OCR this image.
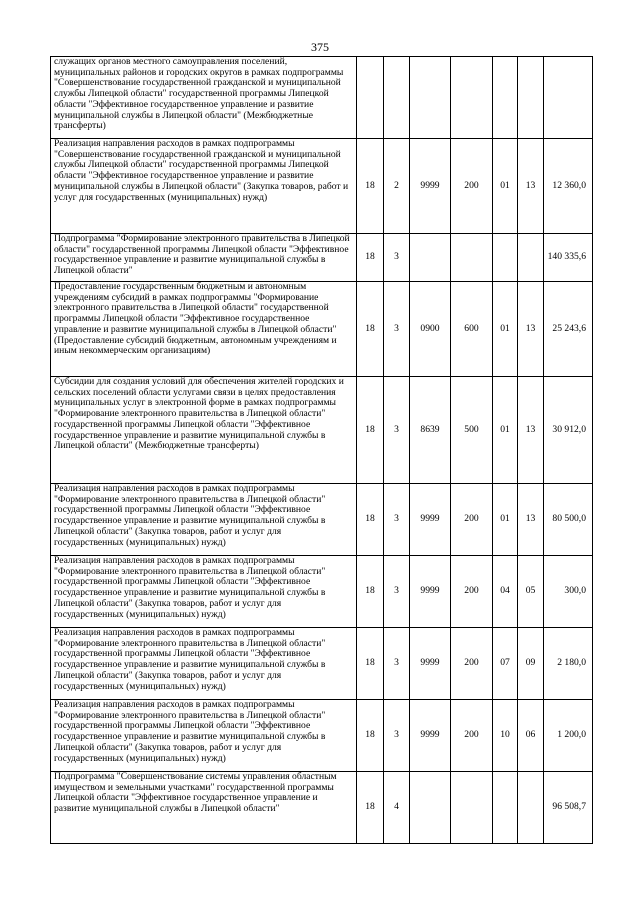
375
служащих органов местного самоуправления поселений, муниципальных районов и городских округов в рамках подпрограммы "Совершенствование государственной гражданской и муниципальной службы Липецкой области" государственной программы Липецкой области "Эффективное государственное управление и развитие муниципальной службы в Липецкой области" (Межбюджетные трансферты)							
Реализация направления расходов в рамках подпрограммы "Совершенствование государственной гражданской и муниципальной службы Липецкой области" государственной программы Липецкой области "Эффективное государственное управление и развитие муниципальной службы в Липецкой области" (Закупка товаров, работ и услуг для государственных (муниципальных) нужд)	18	2	9999	200	01	13	12 360,0
Подпрограмма "Формирование электронного правительства в Липецкой области" государственной программы Липецкой области "Эффективное государственное управление и развитие муниципальной службы в Липецкой области"	18	3					140 335,6
Предоставление государственным бюджетным и автономным учреждениям субсидий в рамках подпрограммы "Формирование электронного правительства в Липецкой области" государственной программы Липецкой области "Эффективное государственное управление и развитие муниципальной службы в Липецкой области" (Предоставление субсидий бюджетным, автономным учреждениям и иным некоммерческим организациям)	18	3	0900	600	01	13	25 243,6
Субсидии для создания условий для обеспечения жителей городских и сельских поселений области услугами связи в целях предоставления муниципальных услуг в электронной форме в рамках подпрограммы "Формирование электронного правительства в Липецкой области" государственной программы Липецкой области "Эффективное государственное управление и развитие муниципальной службы в Липецкой области" (Межбюджетные трансферты)	18	3	8639	500	01	13	30 912,0
Реализация направления расходов в рамках подпрограммы "Формирование электронного правительства в Липецкой области" государственной программы Липецкой области "Эффективное государственное управление и развитие муниципальной службы в Липецкой области" (Закупка товаров, работ и услуг для государственных (муниципальных) нужд)	18	3	9999	200	01	13	80 500,0
Реализация направления расходов в рамках подпрограммы "Формирование электронного правительства в Липецкой области" государственной программы Липецкой области "Эффективное государственное управление и развитие муниципальной службы в Липецкой области" (Закупка товаров, работ и услуг для государственных (муниципальных) нужд)	18	3	9999	200	04	05	300,0
Реализация направления расходов в рамках подпрограммы "Формирование электронного правительства в Липецкой области" государственной программы Липецкой области "Эффективное государственное управление и развитие муниципальной службы в Липецкой области" (Закупка товаров, работ и услуг для государственных (муниципальных) нужд)	18	3	9999	200	07	09	2 180,0
Реализация направления расходов в рамках подпрограммы "Формирование электронного правительства в Липецкой области" государственной программы Липецкой области "Эффективное государственное управление и развитие муниципальной службы в Липецкой области" (Закупка товаров, работ и услуг для государственных (муниципальных) нужд)	18	3	9999	200	10	06	1 200,0
Подпрограмма "Совершенствование системы управления областным имуществом и земельными участками" государственной программы Липецкой области "Эффективное государственное управление и развитие муниципальной службы в Липецкой области"	18	4					96 508,7
